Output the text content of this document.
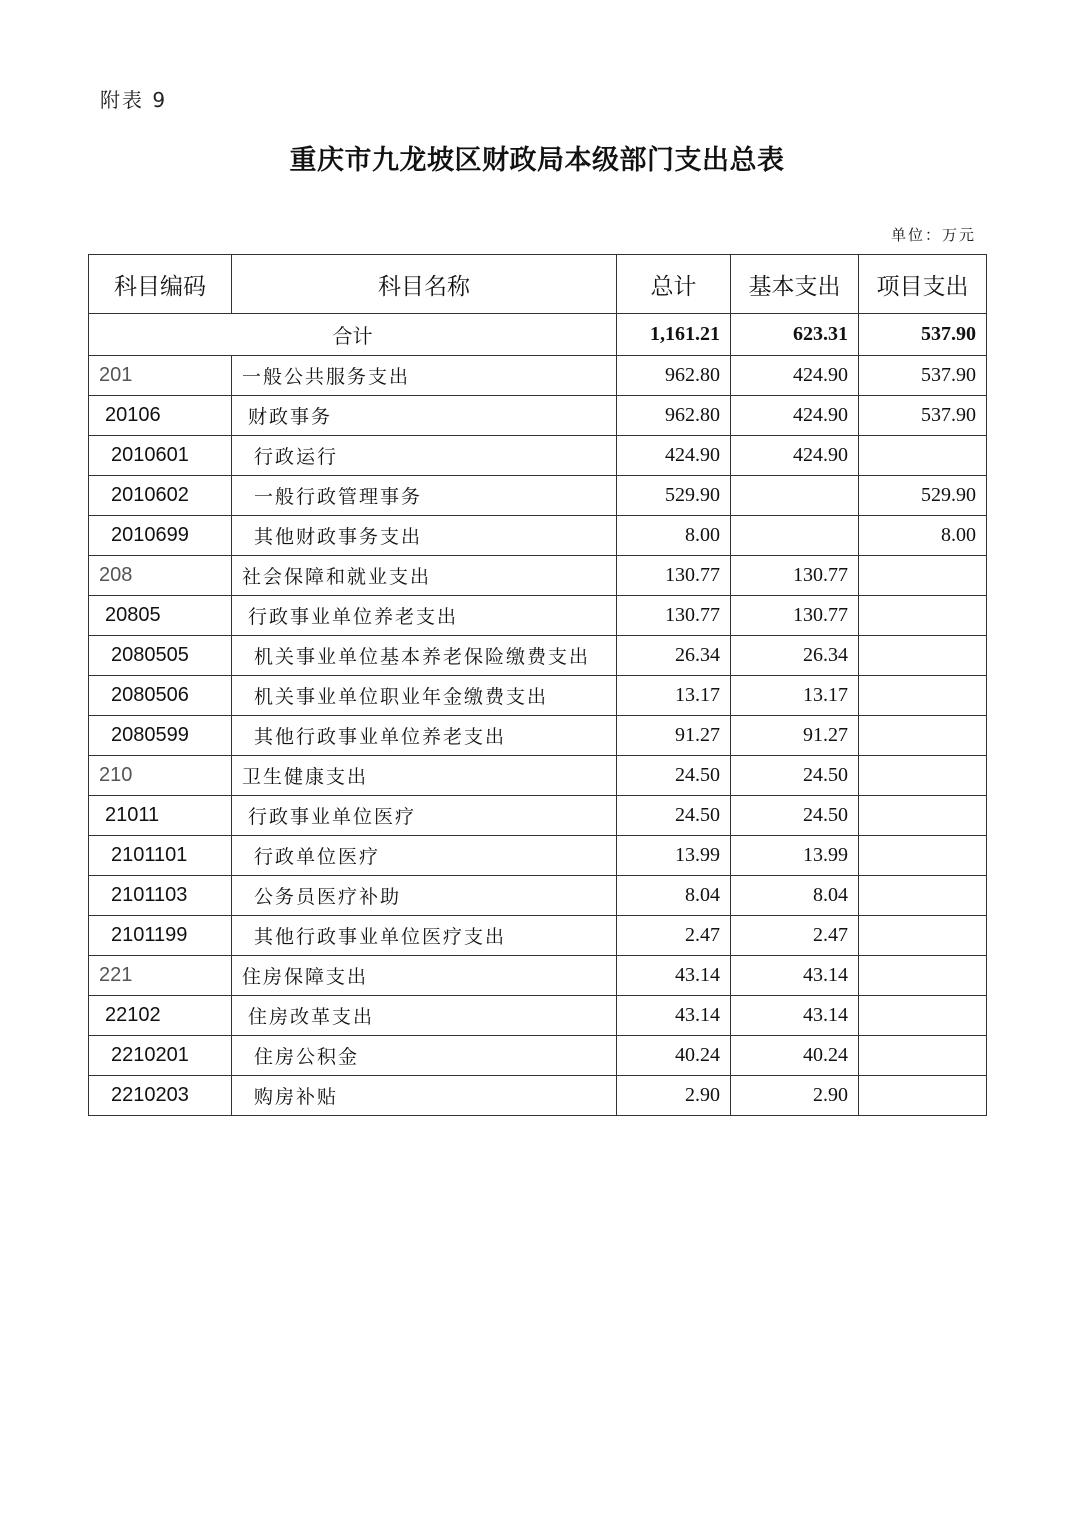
附表 9
重庆市九龙坡区财政局本级部门支出总表
单位：万元
科目编码	科目名称	总计	基本支出	项目支出
合计		1,161.21	623.31	537.90
201	一般公共服务支出	962.80	424.90	537.90
20106	财政事务	962.80	424.90	537.90
2010601	行政运行	424.90	424.90	
2010602	一般行政管理事务	529.90		529.90
2010699	其他财政事务支出	8.00		8.00
208	社会保障和就业支出	130.77	130.77	
20805	行政事业单位养老支出	130.77	130.77	
2080505	机关事业单位基本养老保险缴费支出	26.34	26.34	
2080506	机关事业单位职业年金缴费支出	13.17	13.17	
2080599	其他行政事业单位养老支出	91.27	91.27	
210	卫生健康支出	24.50	24.50	
21011	行政事业单位医疗	24.50	24.50	
2101101	行政单位医疗	13.99	13.99	
2101103	公务员医疗补助	8.04	8.04	
2101199	其他行政事业单位医疗支出	2.47	2.47	
221	住房保障支出	43.14	43.14	
22102	住房改革支出	43.14	43.14	
2210201	住房公积金	40.24	40.24	
2210203	购房补贴	2.90	2.90	
